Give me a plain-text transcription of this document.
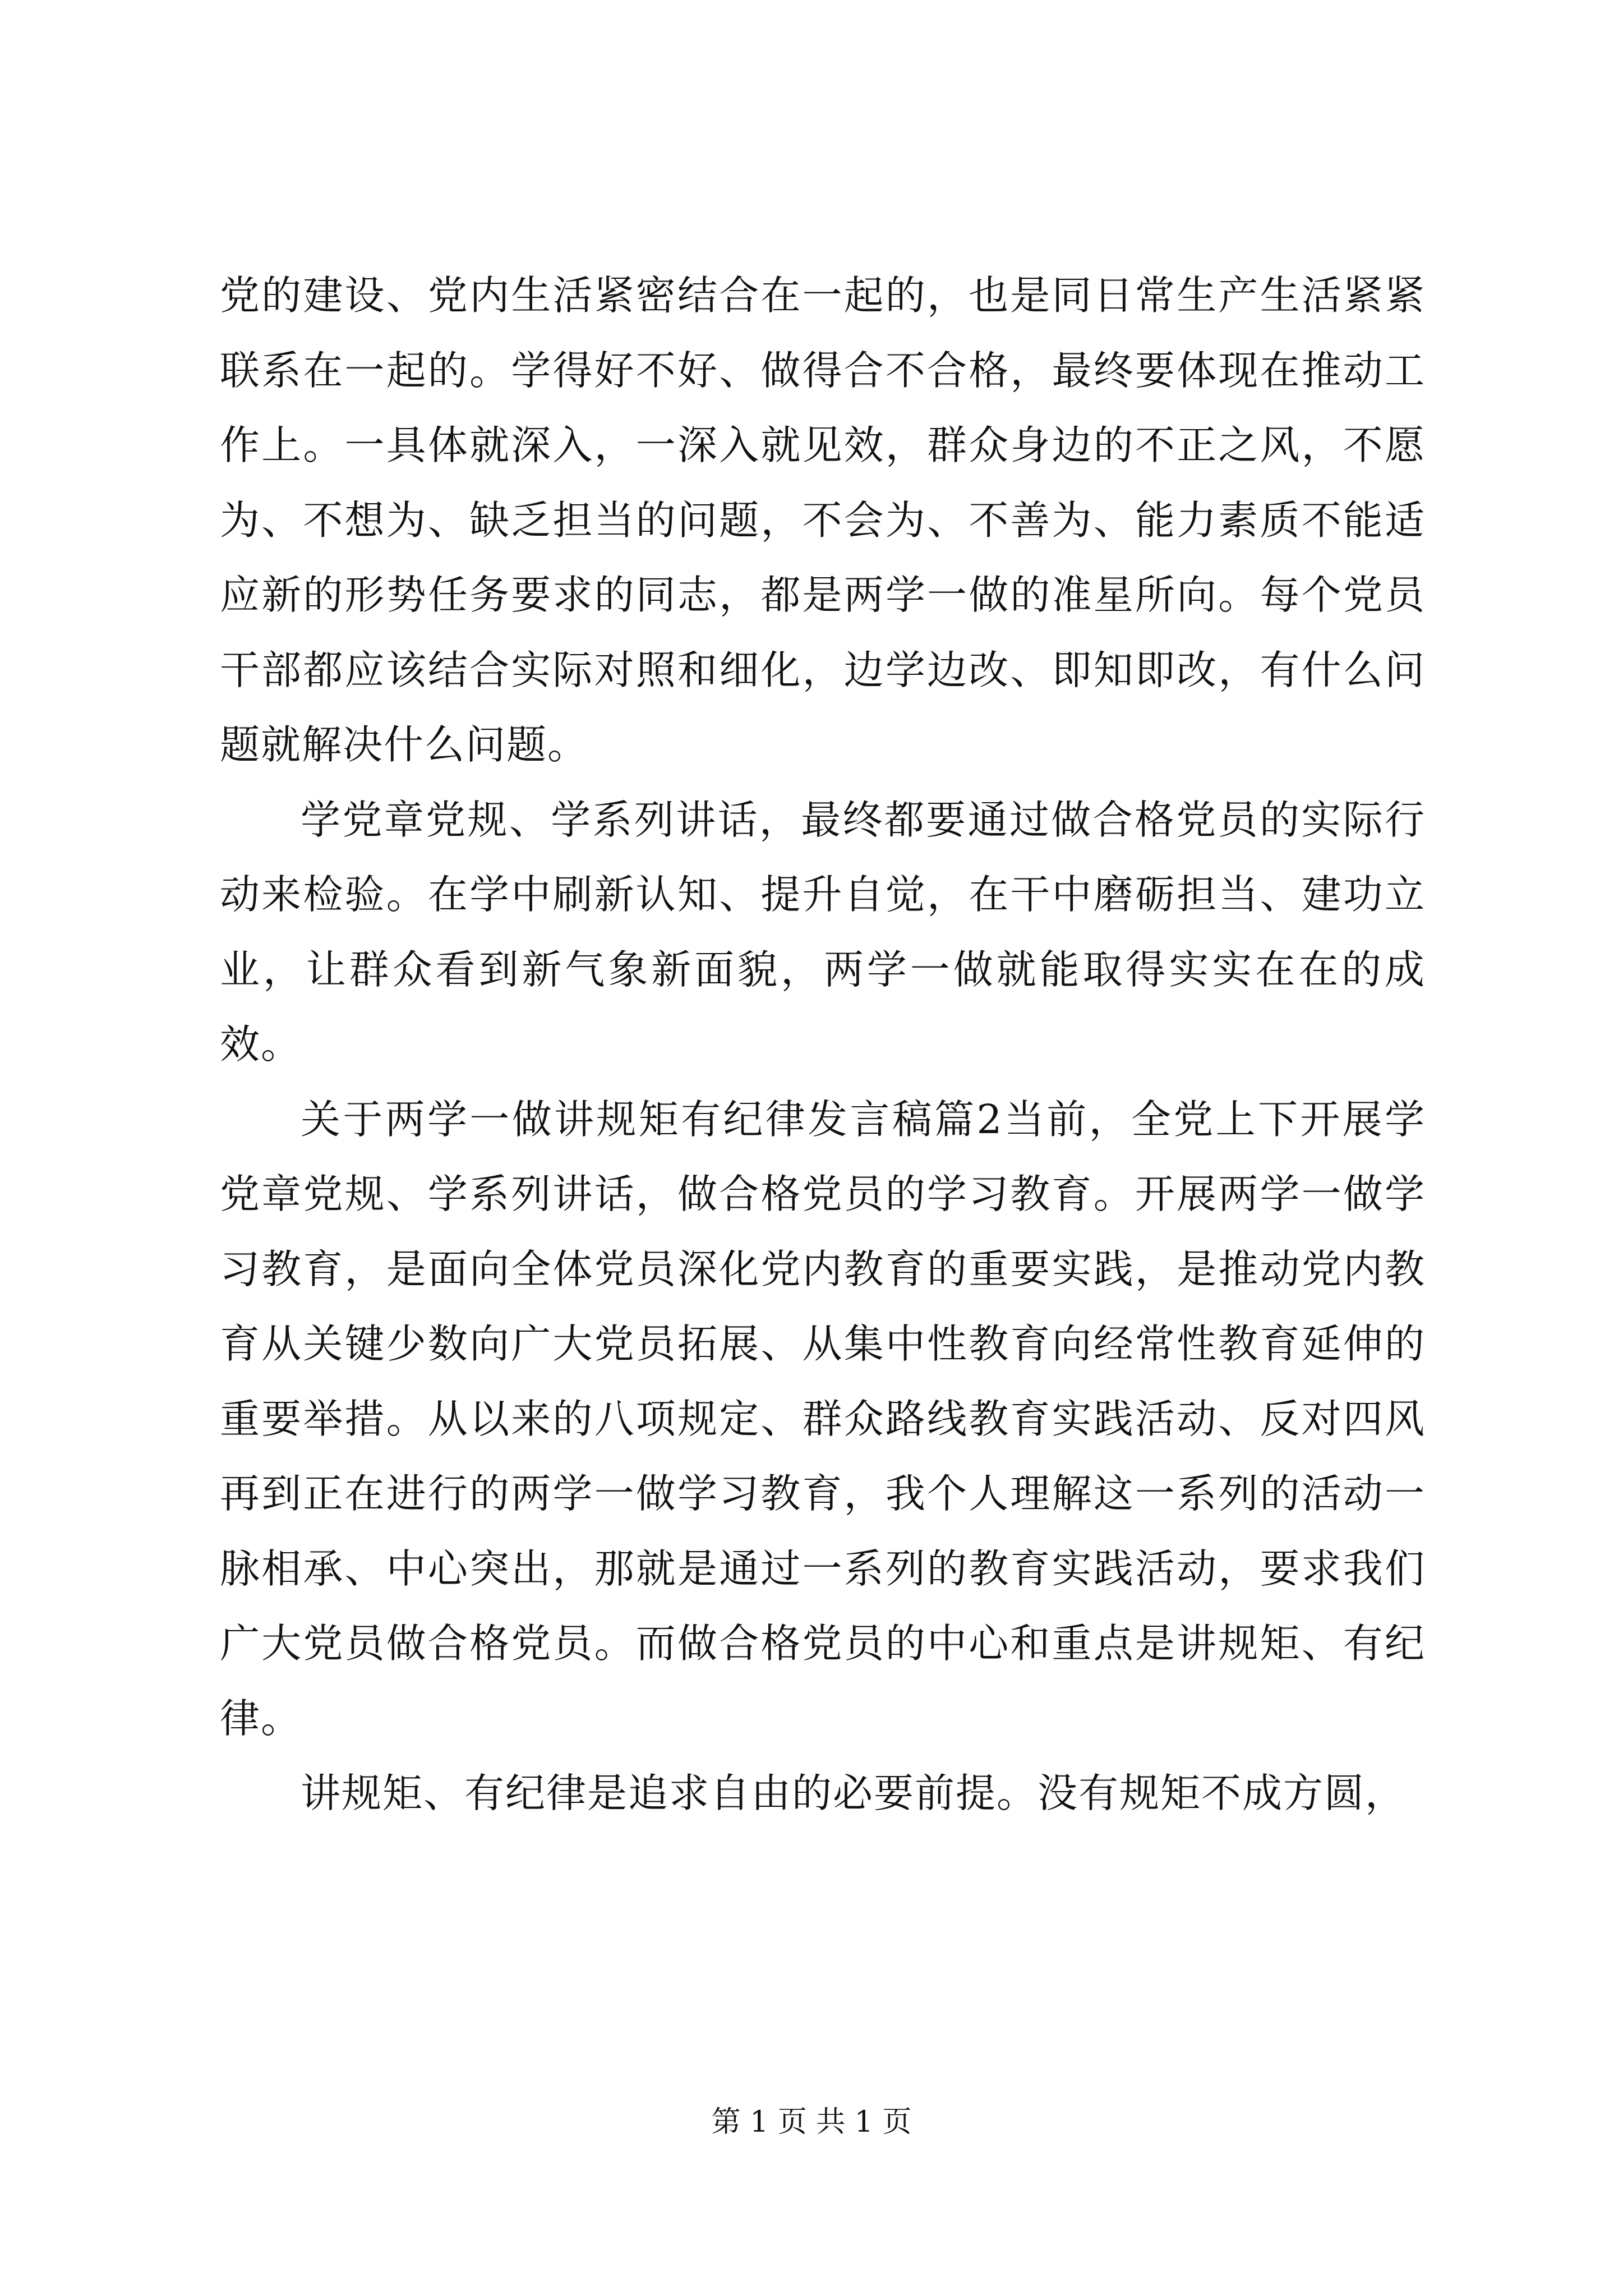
党的建设、党内生活紧密结合在一起的，也是同日常生产生活紧紧联系在一起的。学得好不好、做得合不合格，最终要体现在推动工作上。一具体就深入，一深入就见效，群众身边的不正之风，不愿为、不想为、缺乏担当的问题，不会为、不善为、能力素质不能适应新的形势任务要求的同志，都是两学一做的准星所向。每个党员干部都应该结合实际对照和细化，边学边改、即知即改，有什么问题就解决什么问题。

学党章党规、学系列讲话，最终都要通过做合格党员的实际行动来检验。在学中刷新认知、提升自觉，在干中磨砺担当、建功立业，让群众看到新气象新面貌，两学一做就能取得实实在在的成效。

关于两学一做讲规矩有纪律发言稿篇2当前，全党上下开展学党章党规、学系列讲话，做合格党员的学习教育。开展两学一做学习教育，是面向全体党员深化党内教育的重要实践，是推动党内教育从关键少数向广大党员拓展、从集中性教育向经常性教育延伸的重要举措。从以来的八项规定、群众路线教育实践活动、反对四风再到正在进行的两学一做学习教育，我个人理解这一系列的活动一脉相承、中心突出，那就是通过一系列的教育实践活动，要求我们广大党员做合格党员。而做合格党员的中心和重点是讲规矩、有纪律。

讲规矩、有纪律是追求自由的必要前提。没有规矩不成方圆，

第 1 页 共 1 页
